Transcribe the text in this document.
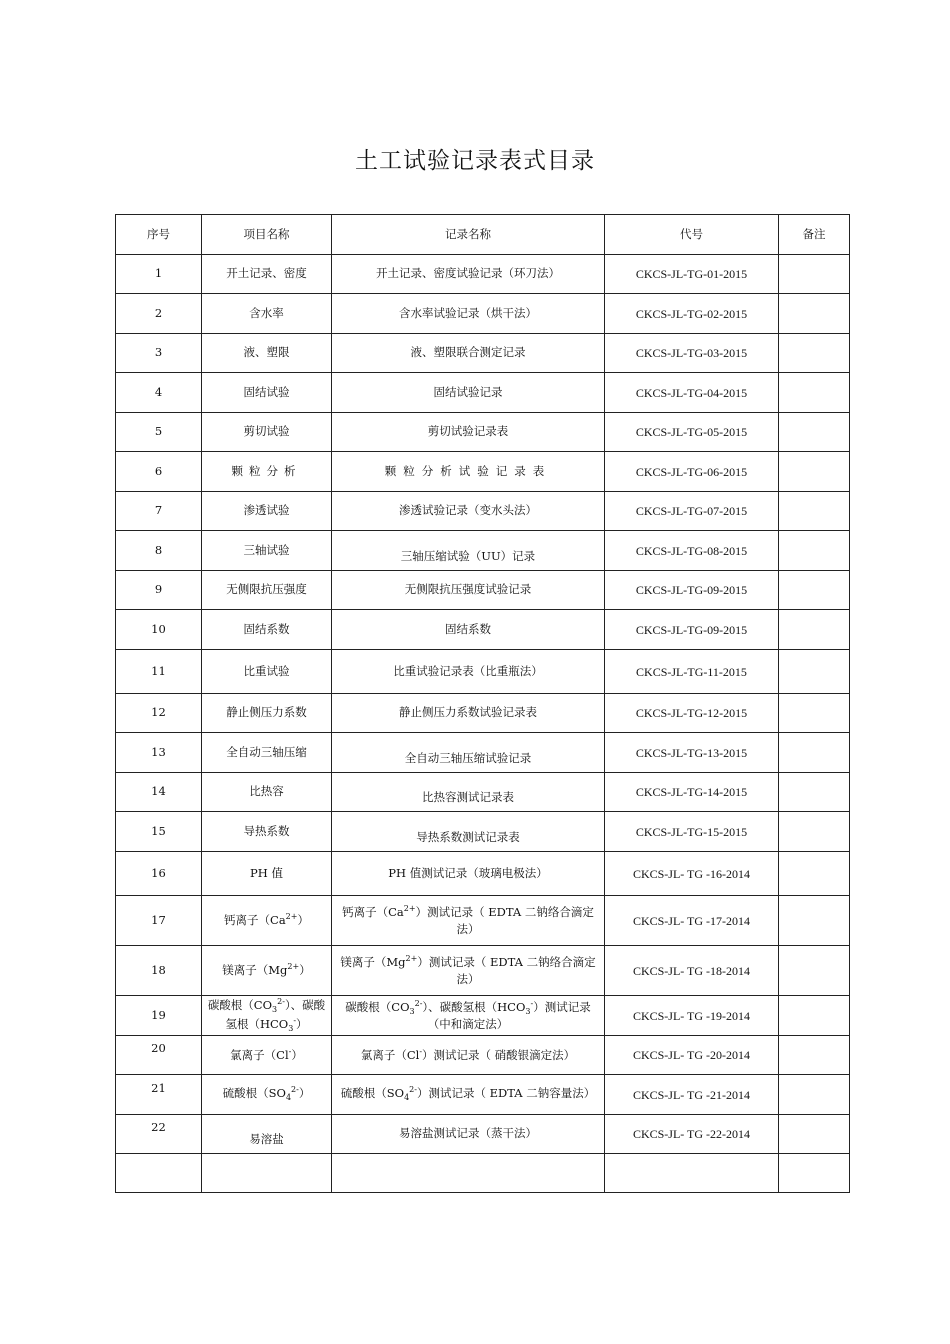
土工试验记录表式目录
序号	项目名称	记录名称	代号	备注
1	开土记录、密度	开土记录、密度试验记录（环刀法）	CKCS-JL-TG-01-2015	
2	含水率	含水率试验记录（烘干法）	CKCS-JL-TG-02-2015	
3	液、塑限	液、塑限联合测定记录	CKCS-JL-TG-03-2015	
4	固结试验	固结试验记录	CKCS-JL-TG-04-2015	
5	剪切试验	剪切试验记录表	CKCS-JL-TG-05-2015	
6	颗粒分析	颗粒分析试验记录表	CKCS-JL-TG-06-2015	
7	渗透试验	渗透试验记录（变水头法）	CKCS-JL-TG-07-2015	
8	三轴试验	三轴压缩试验（UU）记录	CKCS-JL-TG-08-2015	
9	无侧限抗压强度	无侧限抗压强度试验记录	CKCS-JL-TG-09-2015	
10	固结系数	固结系数	CKCS-JL-TG-09-2015	
11	比重试验	比重试验记录表（比重瓶法）	CKCS-JL-TG-11-2015	
12	静止侧压力系数	静止侧压力系数试验记录表	CKCS-JL-TG-12-2015	
13	全自动三轴压缩	全自动三轴压缩试验记录	CKCS-JL-TG-13-2015	
14	比热容	比热容测试记录表	CKCS-JL-TG-14-2015	
15	导热系数	导热系数测试记录表	CKCS-JL-TG-15-2015	
16	PH 值	PH 值测试记录（玻璃电极法）	CKCS-JL- TG -16-2014	
17	钙离子$(Ca^{2+})$	钙离子$(Ca^{2+})$测试记录（ EDTA 二钠络合滴定法）	CKCS-JL- TG -17-2014	
18	镁离子$(Mg^{2+})$	镁离子$(Mg^{2+})$测试记录（ EDTA 二钠络合滴定法）	CKCS-JL- TG -18-2014	
19	碳酸根$(CO_3^{2-})$、碳酸氢根$(HCO_3^-)$	碳酸根$(CO_3^{2-})$、碳酸氢根$(HCO_3^-)$测试记录（中和滴定法）	CKCS-JL- TG -19-2014	
20	氯离子（Cl-）	氯离子（Cl-）测试记录（ 硝酸银滴定法）	CKCS-JL- TG -20-2014	
21	硫酸根$(SO_4^{2-})$	硫酸根$(SO_4^{2-})$测试记录（ EDTA 二钠容量法）	CKCS-JL- TG -21-2014	
22	易溶盐	易溶盐测试记录（蒸干法）	CKCS-JL- TG -22-2014	
